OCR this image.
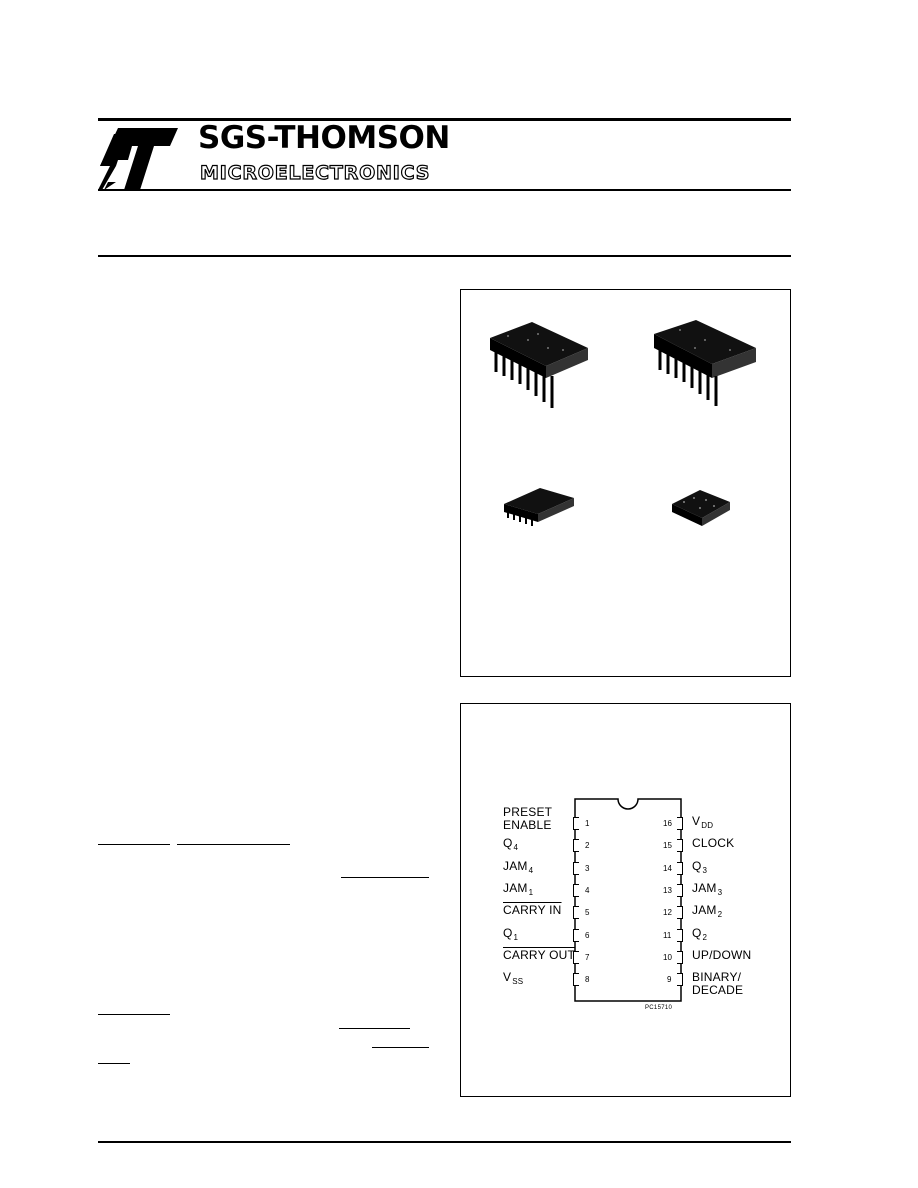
SGS-THOMSON
MICROELECTRONICS
1
PRESET
ENABLE
2
$Q_4$
3
$JAM_4$
4
$JAM_1$
5
CARRY IN
6
$Q_1$
7
CARRY OUT
8
$V_{SS}$
16 $V_{DD}$
15 CLOCK
14 $Q_3$
13 $JAM_3$
12 $JAM_2$
11 $Q_2$
10 UP/DOWN
9 BINARY/
DECADE
PC15710
